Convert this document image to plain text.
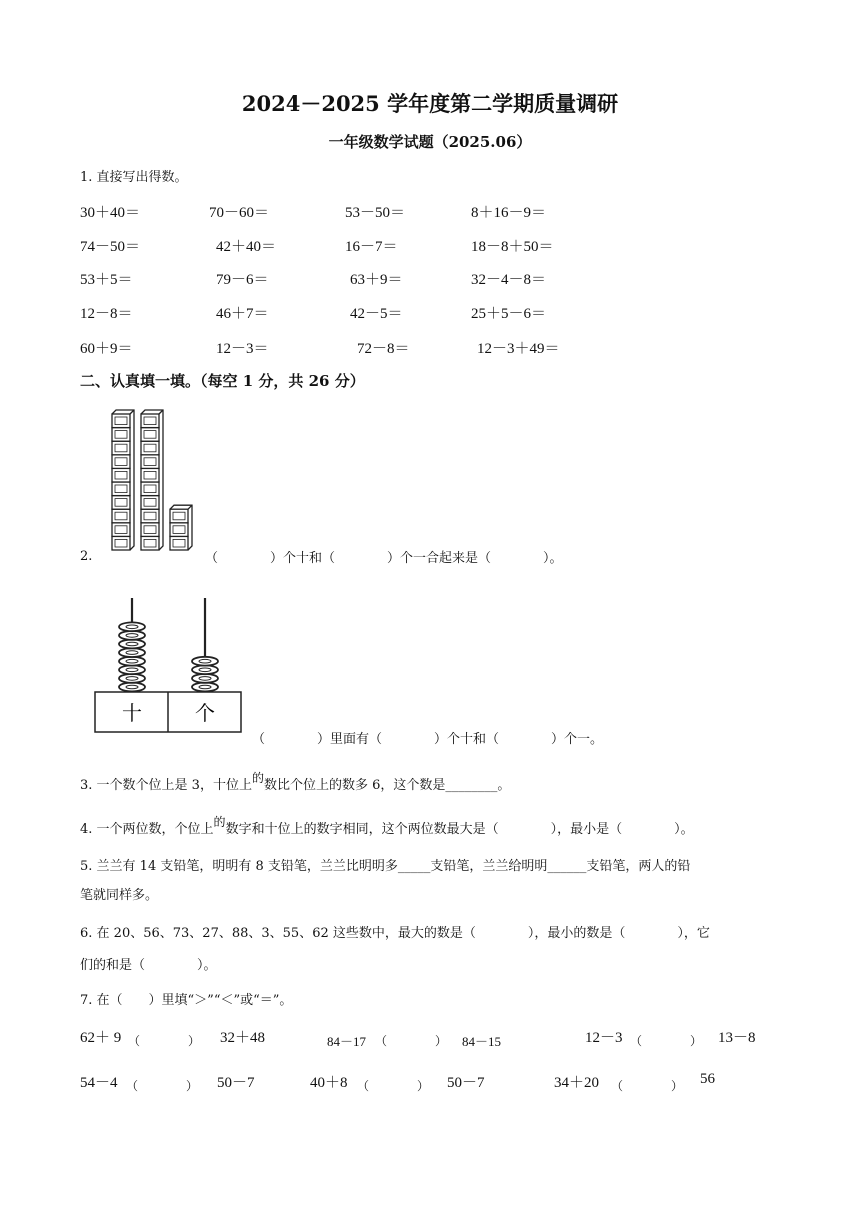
2024－2025 学年度第二学期质量调研
一年级数学试题（2025.06）
1. 直接写出得数。
30＋40＝	70－60＝	53－50＝	8＋16－9＝
74－50＝	42＋40＝	16－7＝	18－8＋50＝
53＋5＝	79－6＝	63＋9＝	32－4－8＝
12－8＝	46＋7＝	42－5＝	25＋5－6＝
60＋9＝	12－3＝	72－8＝	12－3＋49＝
二、认真填一填。（每空 1 分，共 26 分）
2.	（　　　　）个十和（　　　　）个一合起来是（　　　　）。
十	个
（　　　　）里面有（　　　　）个十和（　　　　）个一。
3. 一个数个位上是 3，十位上的数比个位上的数多 6，这个数是________。
4. 一个两位数，个位上的数字和十位上的数字相同，这个两位数最大是（　　　　），最小是（　　　　）。
5. 兰兰有 14 支铅笔，明明有 8 支铅笔，兰兰比明明多_____支铅笔，兰兰给明明______支铅笔，两人的铅
笔就同样多。
6. 在 20、56、73、27、88、3、55、62 这些数中，最大的数是（　　　　），最小的数是（　　　　），它
们的和是（　　　　）。
7. 在（　　）里填“＞”“＜”或“＝”。
62＋ 9 （　　　　） 32＋48	84－17 （　　　　） 84－15	12－3 （　　　　） 13－8
54－4 （　　　　） 50－7	40＋8 （　　　　） 50－7	34＋20 （　　　　） 56
